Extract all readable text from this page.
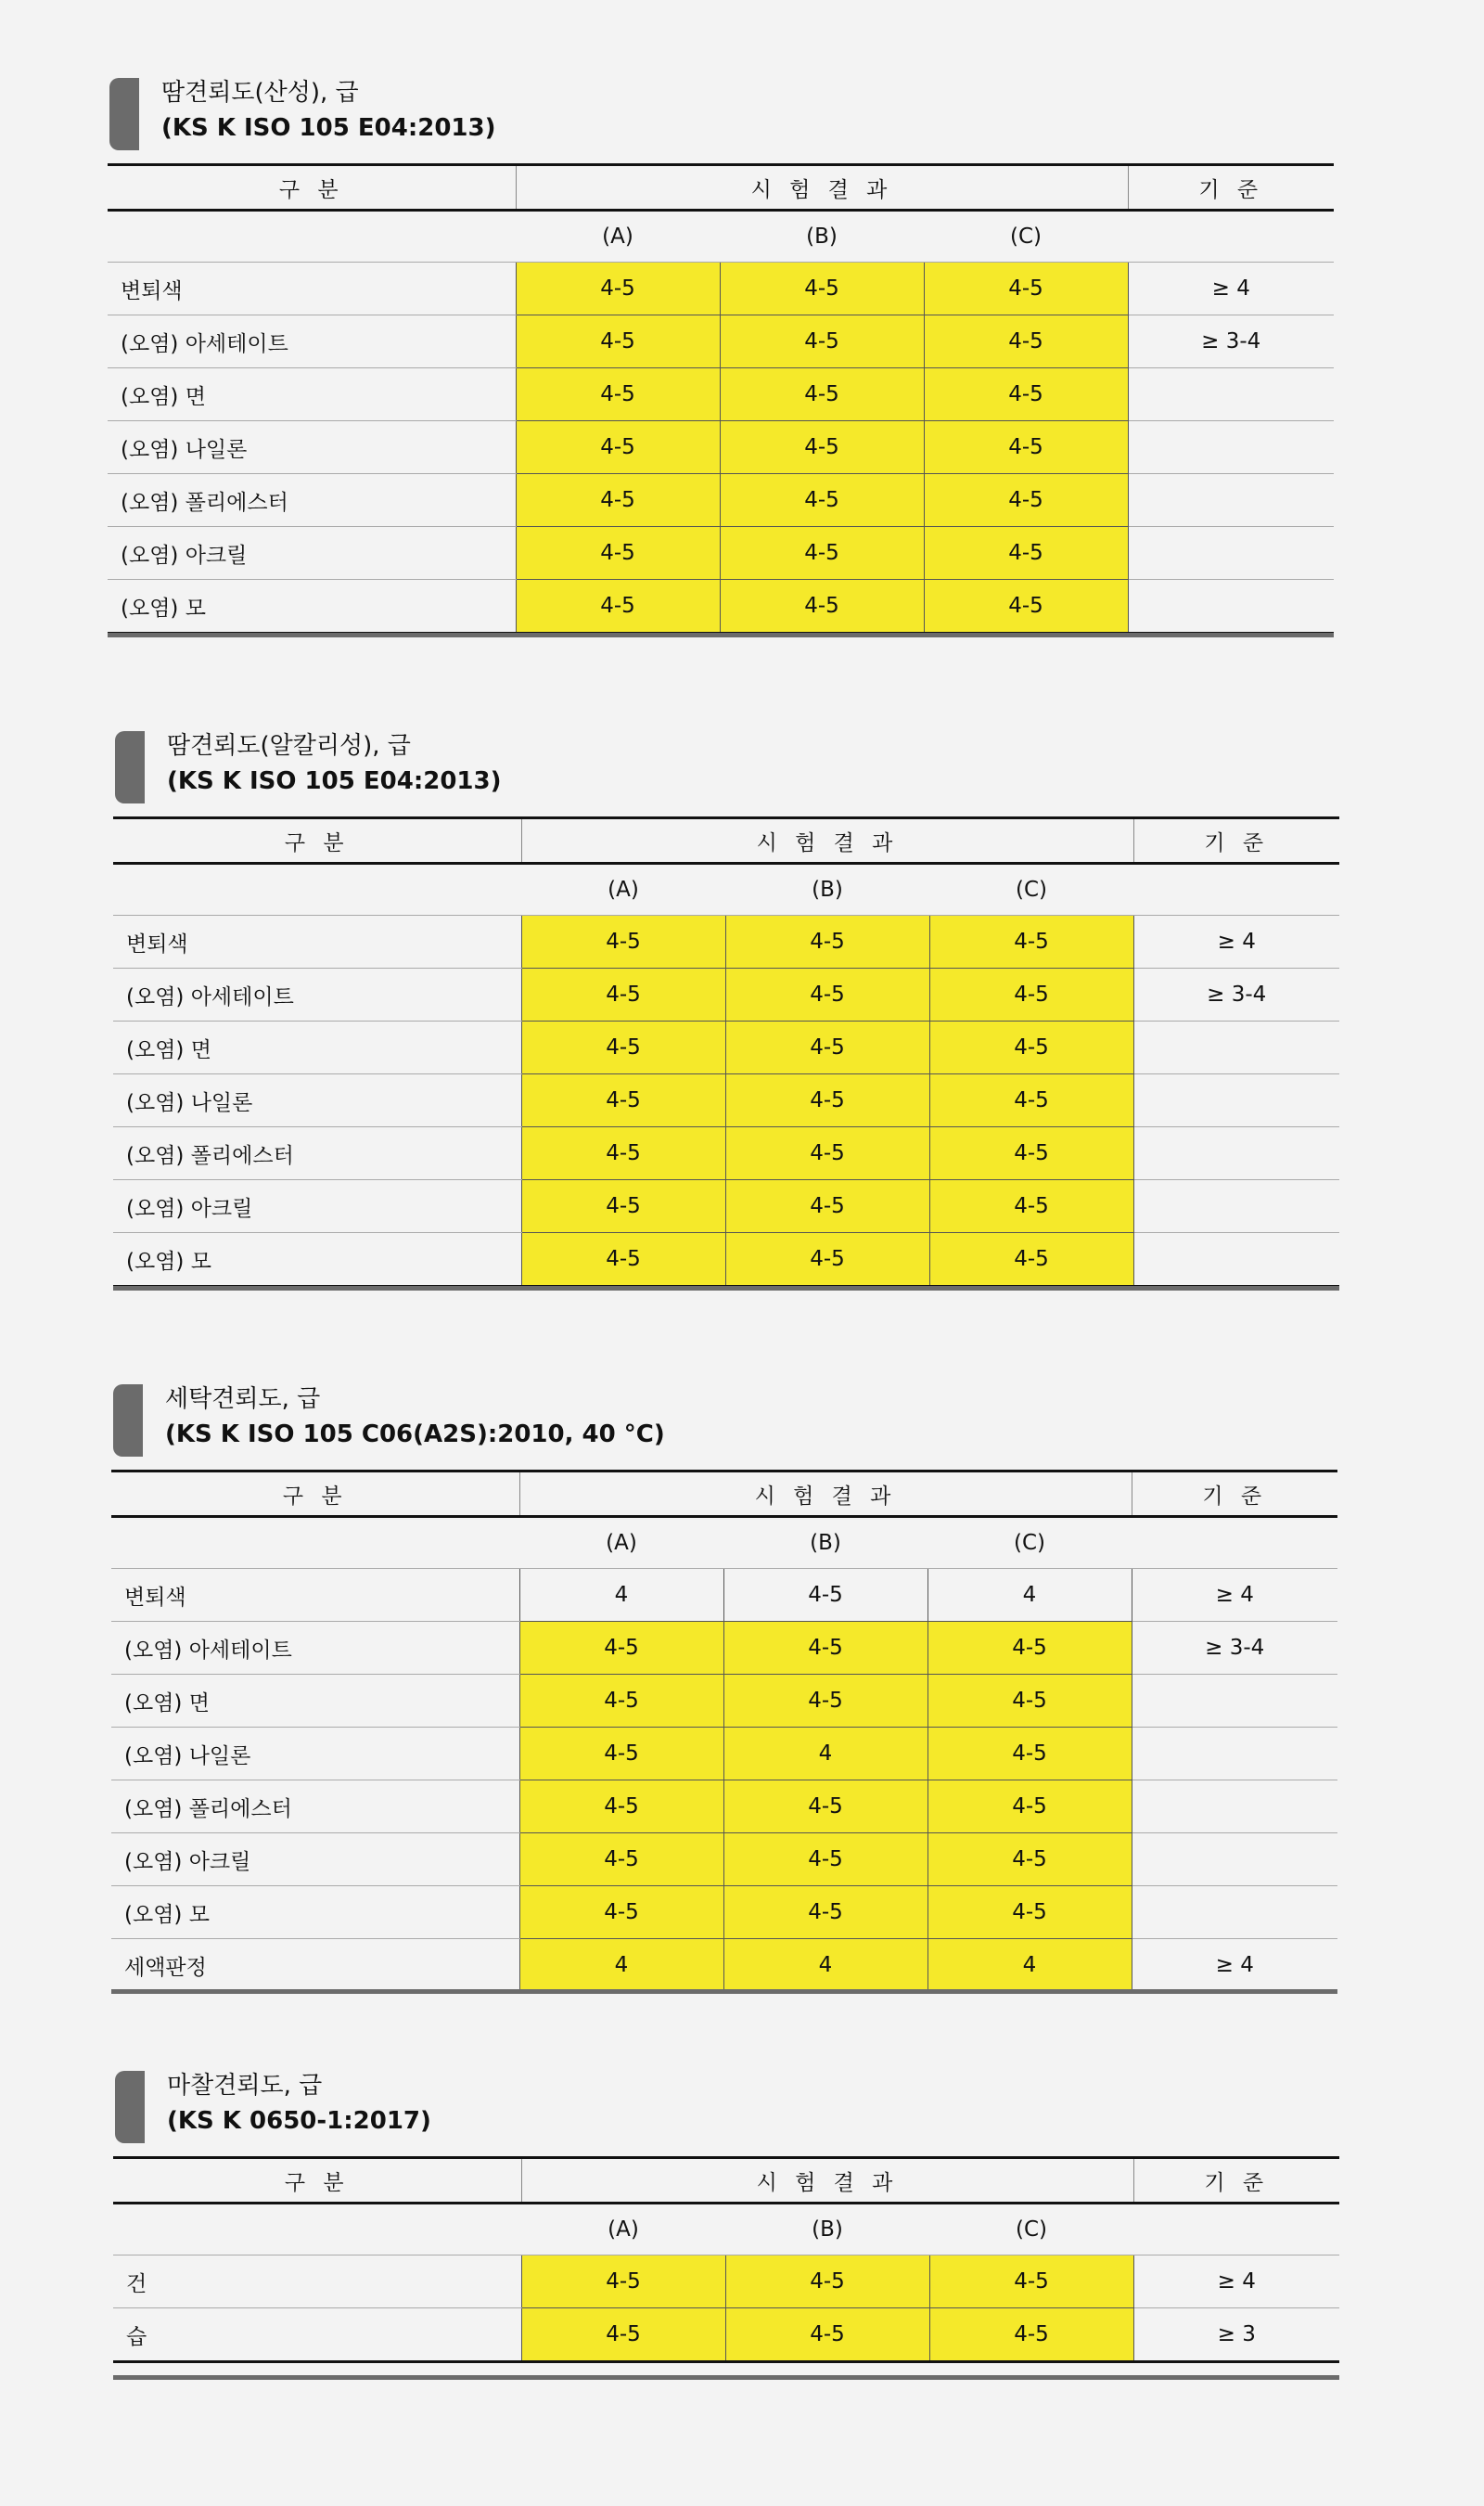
땀견뢰도(산성), 급
(KS K ISO 105 E04:2013)
구 분	시 험 결 과			기 준
	(A)	(B)	(C)	
변퇴색	4-5	4-5	4-5	≥ 4
(오염) 아세테이트	4-5	4-5	4-5	≥ 3-4
(오염) 면	4-5	4-5	4-5	
(오염) 나일론	4-5	4-5	4-5	
(오염) 폴리에스터	4-5	4-5	4-5	
(오염) 아크릴	4-5	4-5	4-5	
(오염) 모	4-5	4-5	4-5	
땀견뢰도(알칼리성), 급
(KS K ISO 105 E04:2013)
구 분	시 험 결 과			기 준
	(A)	(B)	(C)	
변퇴색	4-5	4-5	4-5	≥ 4
(오염) 아세테이트	4-5	4-5	4-5	≥ 3-4
(오염) 면	4-5	4-5	4-5	
(오염) 나일론	4-5	4-5	4-5	
(오염) 폴리에스터	4-5	4-5	4-5	
(오염) 아크릴	4-5	4-5	4-5	
(오염) 모	4-5	4-5	4-5	
세탁견뢰도, 급
(KS K ISO 105 C06(A2S):2010, 40 °C)
구 분	시 험 결 과			기 준
	(A)	(B)	(C)	
변퇴색	4	4-5	4	≥ 4
(오염) 아세테이트	4-5	4-5	4-5	≥ 3-4
(오염) 면	4-5	4-5	4-5	
(오염) 나일론	4-5	4	4-5	
(오염) 폴리에스터	4-5	4-5	4-5	
(오염) 아크릴	4-5	4-5	4-5	
(오염) 모	4-5	4-5	4-5	
세액판정	4	4	4	≥ 4
마찰견뢰도, 급
(KS K 0650-1:2017)
구 분	시 험 결 과			기 준
	(A)	(B)	(C)	
건	4-5	4-5	4-5	≥ 4
습	4-5	4-5	4-5	≥ 3
